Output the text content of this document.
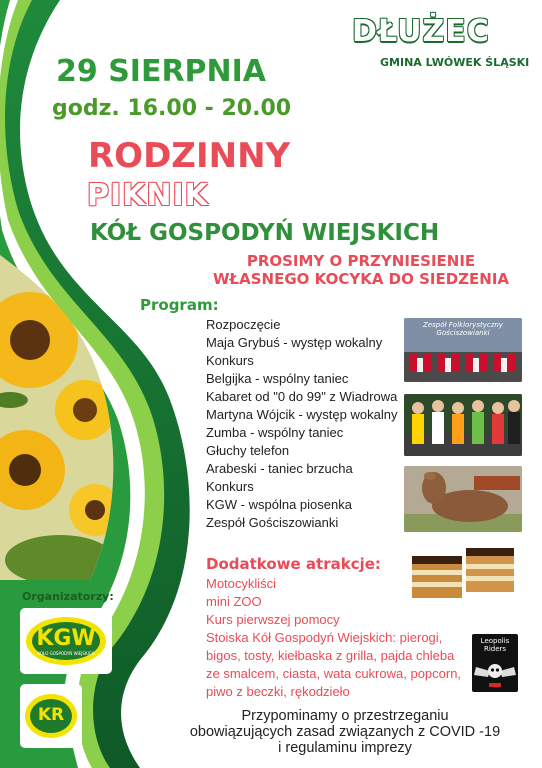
DŁUŻEC
GMINA LWÓWEK ŚLĄSKI
29 SIERPNIA
godz. 16.00 - 20.00
RODZINNY
PIKNIK
KÓŁ GOSPODYŃ WIEJSKICH
PROSIMY O PRZYNIESIENIE
WŁASNEGO KOCYKA DO SIEDZENIA
Program:
Rozpoczęcie
Maja Grybuś - występ wokalny
Konkurs
Belgijka - wspólny taniec
Kabaret od "0 do 99" z Wiadrowa
Martyna Wójcik - występ wokalny
Zumba - wspólny taniec
Głuchy telefon
Arabeski - taniec brzucha
Konkurs
KGW - wspólna piosenka
Zespół Gościszowianki
Zespół Folklorystyczny Gościszowianki
Dodatkowe atrakcje:
Motocykliści
mini ZOO
Kurs pierwszej pomocy
Stoiska Kół Gospodyń Wiejskich: pierogi,
bigos, tosty, kiełbaska z grilla, pajda chleba
ze smalcem, ciasta, wata cukrowa, popcorn,
piwo z beczki, rękodzieło
Leopolis Riders
Organizatorzy:
KGW
KOŁO GOSPODYŃ WIEJSKICH
KR	Przypominamy o przestrzeganiu
obowiązujących zasad związanych z COVID -19
i regulaminu imprezy
